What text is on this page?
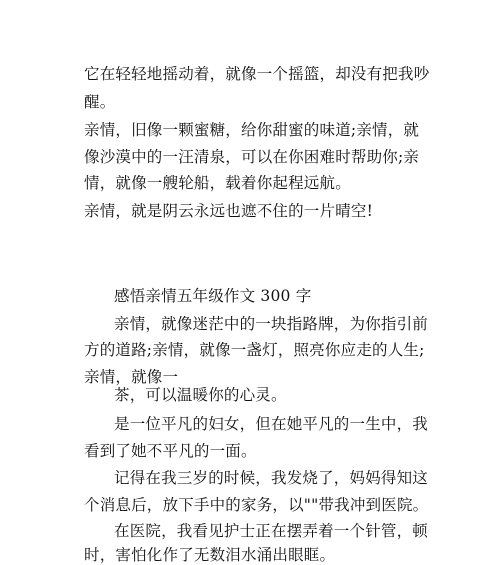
它在轻轻地摇动着，就像一个摇篮，却没有把我吵
醒。
亲情，旧像一颗蜜糖，给你甜蜜的味道;亲情，就
像沙漠中的一汪清泉，可以在你困难时帮助你;亲
情，就像一艘轮船，载着你起程远航。
亲情，就是阴云永远也遮不住的一片晴空!
感悟亲情五年级作文 300 字
亲情，就像迷茫中的一块指路牌，为你指引前
方的道路;亲情，就像一盏灯，照亮你应走的人生;
亲情，就像一
茶，可以温暖你的心灵。
是一位平凡的妇女，但在她平凡的一生中，我
看到了她不平凡的一面。
记得在我三岁的时候，我发烧了，妈妈得知这
个消息后，放下手中的家务，以""带我冲到医院。
在医院，我看见护士正在摆弄着一个针管，顿
时，害怕化作了无数泪水涌出眼眶。
